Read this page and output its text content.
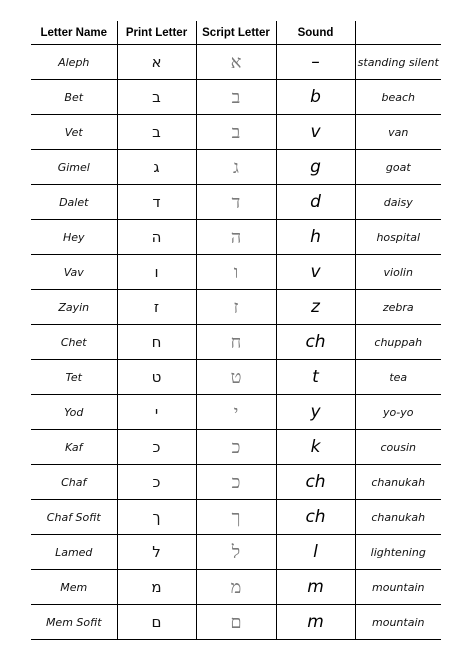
Letter Name	Print Letter	Script Letter	Sound	
Aleph	א	א	–	standing silent
Bet	ב	ב	b	beach
Vet	ב	ב	v	van
Gimel	ג	ג	g	goat
Dalet	ד	ד	d	daisy
Hey	ה	ה	h	hospital
Vav	ו	ו	v	violin
Zayin	ז	ז	z	zebra
Chet	ח	ח	ch	chuppah
Tet	ט	ט	t	tea
Yod	י	י	y	yo-yo
Kaf	כ	כ	k	cousin
Chaf	כ	כ	ch	chanukah
Chaf Sofit	ך	ך	ch	chanukah
Lamed	ל	ל	l	lightening
Mem	מ	מ	m	mountain
Mem Sofit	ם	ם	m	mountain
